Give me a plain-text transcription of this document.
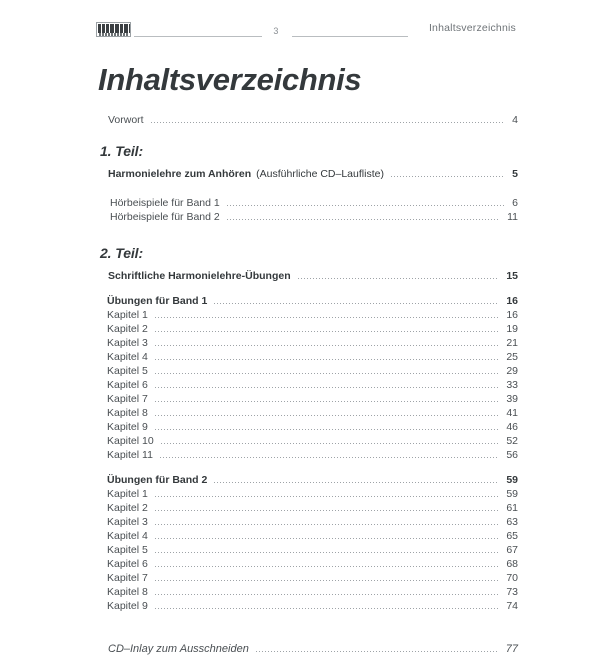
3	Inhaltsverzeichnis
Inhaltsverzeichnis
Vorwort	4
1. Teil:
Harmonielehre zum Anhören (Ausführliche CD–Laufliste)	5
Hörbeispiele für Band 1	6
Hörbeispiele für Band 2	11
2. Teil:
Schriftliche Harmonielehre-Übungen	15
Übungen für Band 1	16
Kapitel 1	16
Kapitel 2	19
Kapitel 3	21
Kapitel 4	25
Kapitel 5	29
Kapitel 6	33
Kapitel 7	39
Kapitel 8	41
Kapitel 9	46
Kapitel 10	52
Kapitel 11	56
Übungen für Band 2	59
Kapitel 1	59
Kapitel 2	61
Kapitel 3	63
Kapitel 4	65
Kapitel 5	67
Kapitel 6	68
Kapitel 7	70
Kapitel 8	73
Kapitel 9	74
CD–Inlay zum Ausschneiden	77
